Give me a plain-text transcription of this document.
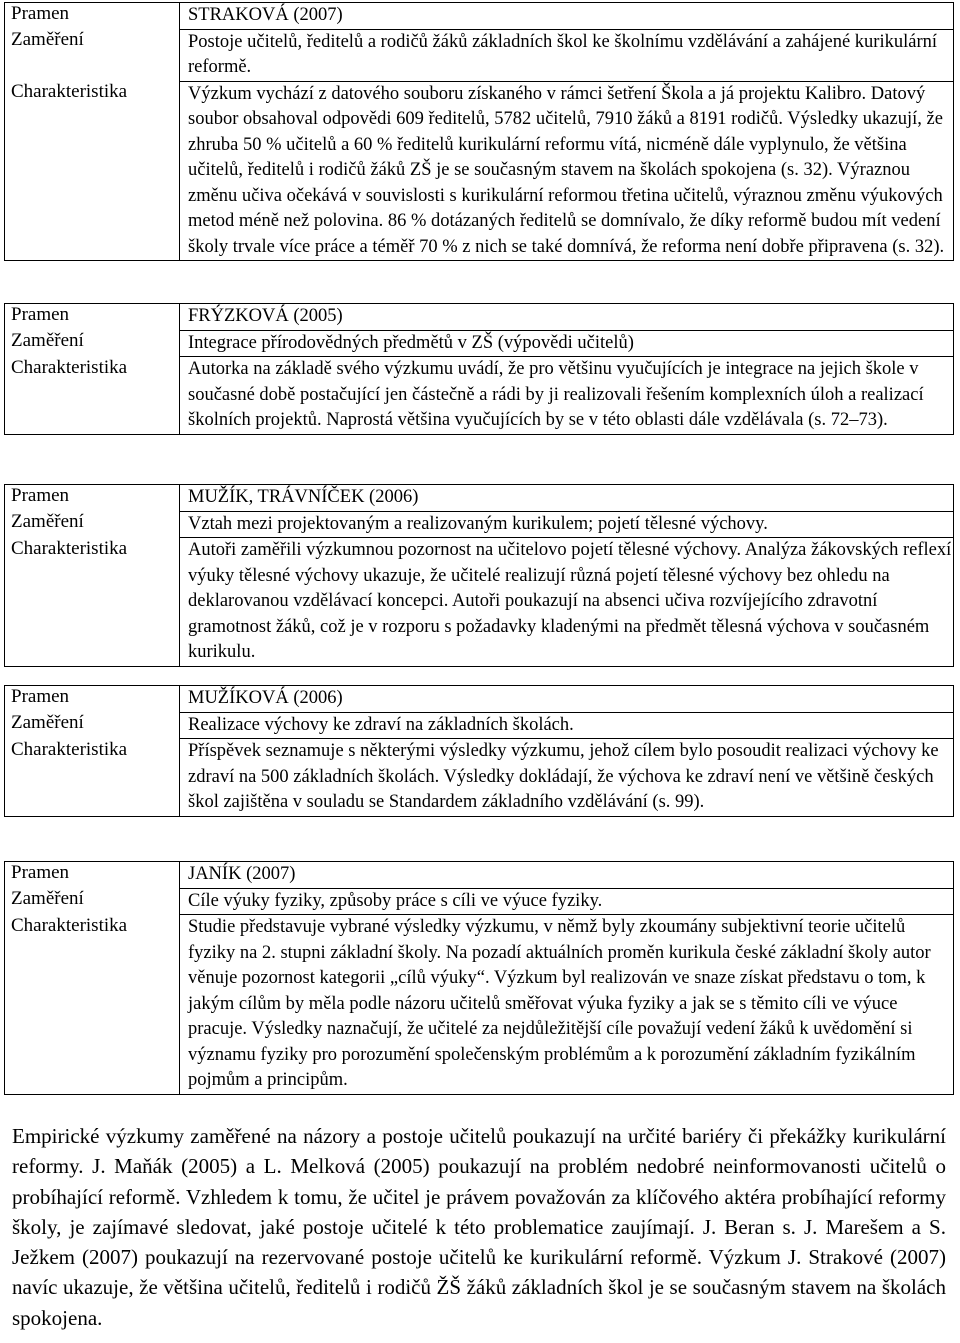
Pramen	STRAKOVÁ (2007)
Zaměření	Postoje učitelů, ředitelů a rodičů žáků základních škol ke školnímu vzdělávání a zahájené kurikulární reformě.
Charakteristika	Výzkum vychází z datového souboru získaného v rámci šetření Škola a já projektu Kalibro. Datový soubor obsahoval odpovědi 609 ředitelů, 5782 učitelů, 7910 žáků a 8191 rodičů. Výsledky ukazují, že zhruba 50 % učitelů a 60 % ředitelů kurikulární reformu vítá, nicméně dále vyplynulo, že většina učitelů, ředitelů i rodičů žáků ZŠ je se současným stavem na školách spokojena (s. 32). Výraznou změnu učiva očekává v souvislosti s kurikulární reformou třetina učitelů, výraznou změnu výukových metod méně než polovina. 86 % dotázaných ředitelů se domnívalo, že díky reformě budou mít vedení školy trvale více práce a téměř 70 % z nich se také domnívá, že reforma není dobře připravena (s. 32).
Pramen	FRÝZKOVÁ (2005)
Zaměření	Integrace přírodovědných předmětů v ZŠ (výpovědi učitelů)
Charakteristika	Autorka na základě svého výzkumu uvádí, že pro většinu vyučujících je integrace na jejich škole v současné době postačující jen částečně a rádi by ji realizovali řešením komplexních úloh a realizací školních projektů. Naprostá většina vyučujících by se v této oblasti dále vzdělávala (s. 72–73).
Pramen	MUŽÍK, TRÁVNÍČEK (2006)
Zaměření	Vztah mezi projektovaným a realizovaným kurikulem; pojetí tělesné výchovy.
Charakteristika	Autoři zaměřili výzkumnou pozornost na učitelovo pojetí tělesné výchovy. Analýza žákovských reflexí výuky tělesné výchovy ukazuje, že učitelé realizují různá pojetí tělesné výchovy bez ohledu na deklarovanou vzdělávací koncepci. Autoři poukazují na absenci učiva rozvíjejícího zdravotní gramotnost žáků, což je v rozporu s požadavky kladenými na předmět tělesná výchova v současném kurikulu.
Pramen	MUŽÍKOVÁ (2006)
Zaměření	Realizace výchovy ke zdraví na základních školách.
Charakteristika	Příspěvek seznamuje s některými výsledky výzkumu, jehož cílem bylo posoudit realizaci výchovy ke zdraví na 500 základních školách. Výsledky dokládají, že výchova ke zdraví není ve většině českých škol zajištěna v souladu se Standardem základního vzdělávání (s. 99).
Pramen	JANÍK (2007)
Zaměření	Cíle výuky fyziky, způsoby práce s cíli ve výuce fyziky.
Charakteristika	Studie představuje vybrané výsledky výzkumu, v němž byly zkoumány subjektivní teorie učitelů fyziky na 2. stupni základní školy. Na pozadí aktuálních proměn kurikula české základní školy autor věnuje pozornost kategorii „cílů výuky“. Výzkum byl realizován ve snaze získat představu o tom, k jakým cílům by měla podle názoru učitelů směřovat výuka fyziky a jak se s těmito cíli ve výuce pracuje. Výsledky naznačují, že učitelé za nejdůležitější cíle považují vedení žáků k uvědomění si významu fyziky pro porozumění společenským problémům a k porozumění základním fyzikálním pojmům a principům.

Empirické výzkumy zaměřené na názory a postoje učitelů poukazují na určité bariéry či překážky kurikulární reformy. J. Maňák (2005) a L. Melková (2005) poukazují na problém nedobré neinformovanosti učitelů o probíhající reformě. Vzhledem k tomu, že učitel je právem považován za klíčového aktéra probíhající reformy školy, je zajímavé sledovat, jaké postoje učitelé k této problematice zaujímají. J. Beran s. J. Marešem a S. Ježkem (2007) poukazují na rezervované postoje učitelů ke kurikulární reformě. Výzkum J. Strakové (2007) navíc ukazuje, že většina učitelů, ředitelů i rodičů ŽŠ žáků základních škol je se současným stavem na školách spokojena.
